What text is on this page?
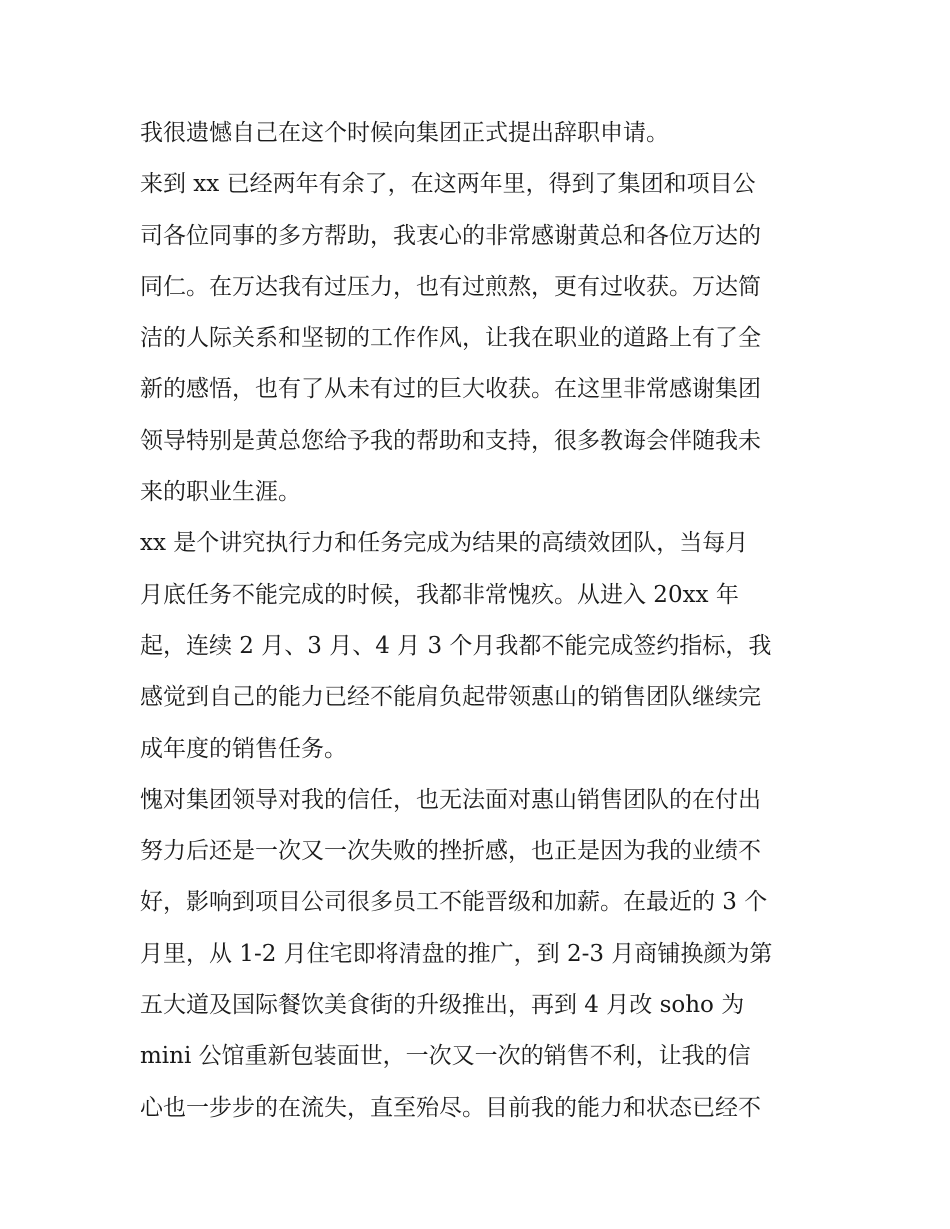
我很遗憾自己在这个时候向集团正式提出辞职申请。
来到 xx 已经两年有余了，在这两年里，得到了集团和项目公
司各位同事的多方帮助，我衷心的非常感谢黄总和各位万达的
同仁。在万达我有过压力，也有过煎熬，更有过收获。万达简
洁的人际关系和坚韧的工作作风，让我在职业的道路上有了全
新的感悟，也有了从未有过的巨大收获。在这里非常感谢集团
领导特别是黄总您给予我的帮助和支持，很多教诲会伴随我未
来的职业生涯。
xx 是个讲究执行力和任务完成为结果的高绩效团队，当每月
月底任务不能完成的时候，我都非常愧疚。从进入 20xx 年
起，连续 2 月、3 月、4 月 3 个月我都不能完成签约指标，我
感觉到自己的能力已经不能肩负起带领惠山的销售团队继续完
成年度的销售任务。
愧对集团领导对我的信任，也无法面对惠山销售团队的在付出
努力后还是一次又一次失败的挫折感，也正是因为我的业绩不
好，影响到项目公司很多员工不能晋级和加薪。在最近的 3 个
月里，从 1-2 月住宅即将清盘的推广，到 2-3 月商铺换颜为第
五大道及国际餐饮美食街的升级推出，再到 4 月改 soho 为
mini 公馆重新包装面世，一次又一次的销售不利，让我的信
心也一步步的在流失，直至殆尽。目前我的能力和状态已经不
